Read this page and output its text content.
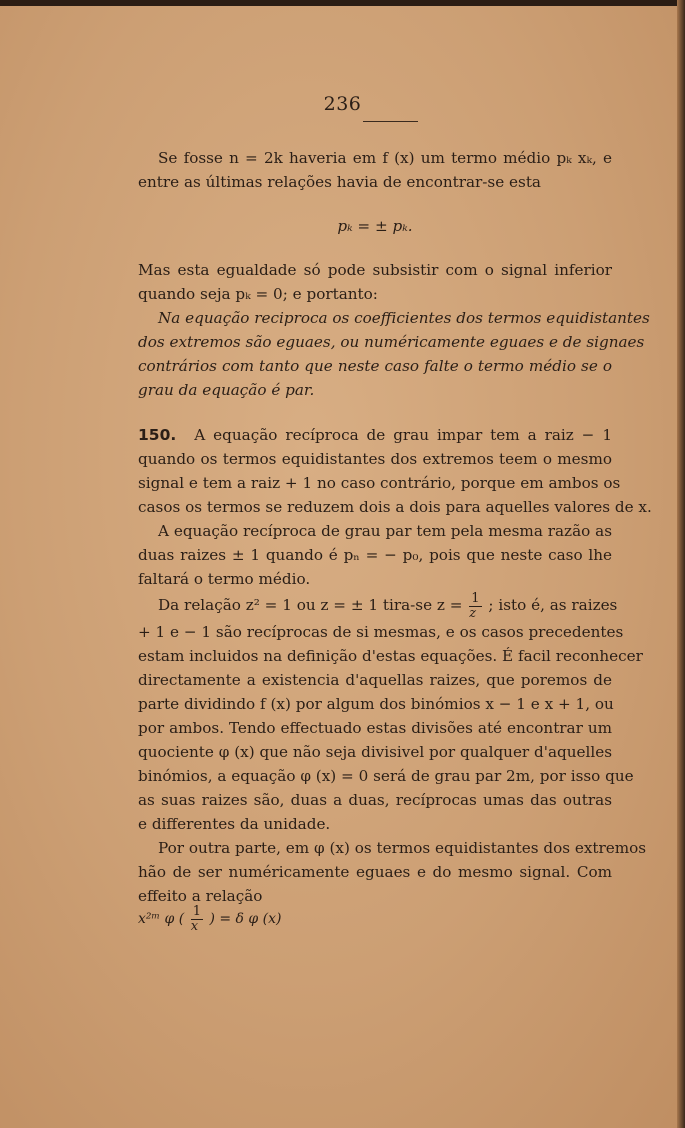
236
Se fosse n = 2k haveria em f (x) um termo médio pₖ xₖ, e
entre as últimas relações havia de encontrar-se esta
pₖ = ± pₖ.
Mas esta egualdade só pode subsistir com o signal inferior
quando seja pₖ = 0; e portanto:
Na equação reciproca os coefficientes dos termos equidistantes
dos extremos são eguaes, ou numéricamente eguaes e de signaes
contrários com tanto que neste caso falte o termo médio se o
grau da equação é par.
150. A equação recíproca de grau impar tem a raiz − 1
quando os termos equidistantes dos extremos teem o mesmo
signal e tem a raiz + 1 no caso contrário, porque em ambos os
casos os termos se reduzem dois a dois para aquelles valores de x.
A equação recíproca de grau par tem pela mesma razão as
duas raizes ± 1 quando é pₙ = − p₀, pois que neste caso lhe
faltará o termo médio.
Da relação z² = 1 ou z = ± 1 tira-se $z = \frac{1}{z}$ ; isto é, as raizes
+ 1 e − 1 são recíprocas de si mesmas, e os casos precedentes
estam incluidos na definição d'estas equações. É facil reconhecer
directamente a existencia d'aquellas raizes, que poremos de
parte dividindo f (x) por algum dos binómios x − 1 e x + 1, ou
por ambos. Tendo effectuado estas divisões até encontrar um
quociente φ (x) que não seja divisivel por qualquer d'aquelles
binómios, a equação φ (x) = 0 será de grau par 2m, por isso que
as suas raizes são, duas a duas, recíprocas umas das outras
e differentes da unidade.
Por outra parte, em φ (x) os termos equidistantes dos extremos
hão de ser numéricamente eguaes e do mesmo signal. Com
effeito a relação
x²ᵐ φ ( $\frac{1}{x}$ ) = δ φ (x)
